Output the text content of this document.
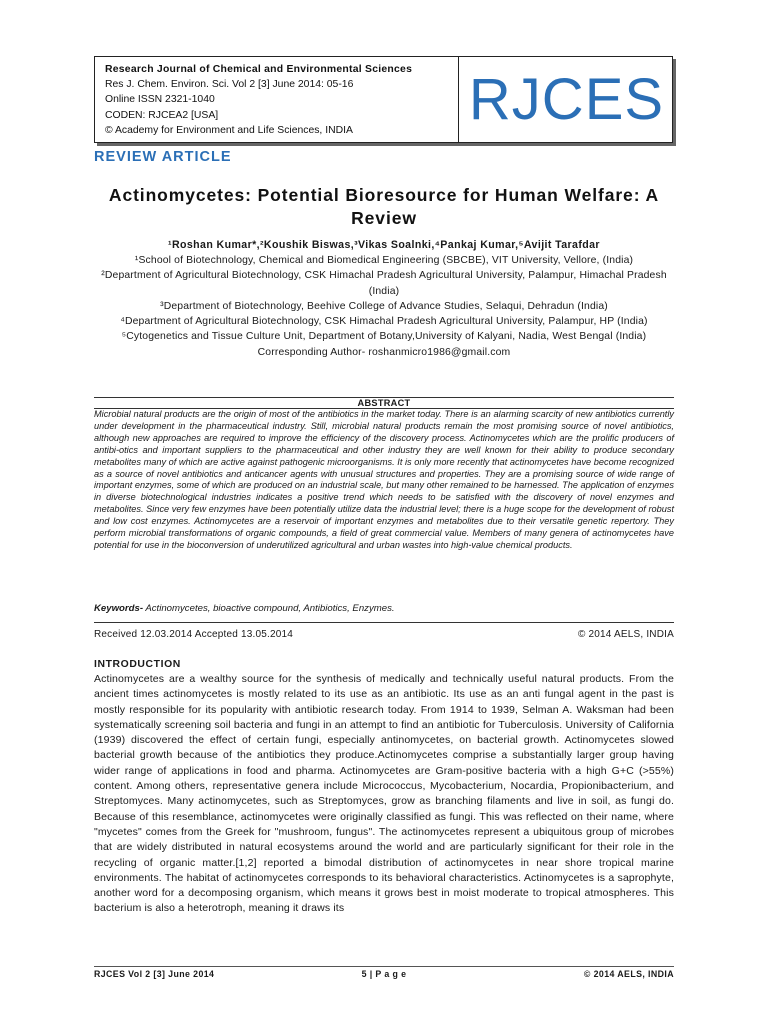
Research Journal of Chemical and Environmental Sciences
Res J. Chem. Environ. Sci. Vol 2 [3] June 2014: 05-16
Online ISSN 2321-1040
CODEN: RJCEA2 [USA]
© Academy for Environment and Life Sciences, INDIA	RJCES
REVIEW ARTICLE
Actinomycetes: Potential Bioresource for Human Welfare: A Review
¹Roshan Kumar*,²Koushik Biswas,³Vikas Soalnki,⁴Pankaj Kumar,⁵Avijit Tarafdar

¹School of Biotechnology, Chemical and Biomedical Engineering (SBCBE), VIT University, Vellore, (India)

²Department of Agricultural Biotechnology, CSK Himachal Pradesh Agricultural University, Palampur, Himachal Pradesh (India)

³Department of Biotechnology, Beehive College of Advance Studies, Selaqui, Dehradun (India)

⁴Department of Agricultural Biotechnology, CSK Himachal Pradesh Agricultural University, Palampur, HP (India)

⁵Cytogenetics and Tissue Culture Unit, Department of Botany,University of Kalyani, Nadia, West Bengal (India)

Corresponding Author- roshanmicro1986@gmail.com

ABSTRACT

Microbial natural products are the origin of most of the antibiotics in the market today. There is an alarming scarcity of new antibiotics currently under development in the pharmaceutical industry. Still, microbial natural products remain the most promising source of novel antibiotics, although new approaches are required to improve the efficiency of the discovery process. Actinomycetes which are the prolific producers of antibi-otics and important suppliers to the pharmaceutical and other industry they are well known for their ability to produce secondary metabolites many of which are active against pathogenic microorganisms. It is only more recently that actinomycetes have become recognized as a source of novel antibiotics and anticancer agents with unusual structures and properties. They are a promising source of wide range of important enzymes, some of which are produced on an industrial scale, but many other remained to be harnessed. The application of enzymes in diverse biotechnological industries indicates a positive trend which needs to be satisfied with the discovery of novel enzymes and metabolites. Since very few enzymes have been potentially utilize data the industrial level; there is a huge scope for the development of robust and low cost enzymes. Actinomycetes are a reservoir of important enzymes and metabolites due to their versatile genetic repertory. They perform microbial transformations of organic compounds, a field of great commercial value. Members of many genera of actinomycetes have potential for use in the bioconversion of underutilized agricultural and urban wastes into high-value chemical products.

Keywords- Actinomycetes, bioactive compound, Antibiotics, Enzymes.
Received 12.03.2014 Accepted 13.05.2014	© 2014 AELS, INDIA
INTRODUCTION

Actinomycetes are a wealthy source for the synthesis of medically and technically useful natural products. From the ancient times actinomycetes is mostly related to its use as an antibiotic. Its use as an anti fungal agent in the past is mostly responsible for its popularity with antibiotic research today. From 1914 to 1939, Selman A. Waksman had been systematically screening soil bacteria and fungi in an attempt to find an antibiotic for Tuberculosis. University of California (1939) discovered the effect of certain fungi, especially antinomycetes, on bacterial growth. Actinomycetes slowed bacterial growth because of the antibiotics they produce.Actinomycetes comprise a substantially larger group having wider range of applications in food and pharma. Actinomycetes are Gram-positive bacteria with a high G+C (>55%) content. Among others, representative genera include Micrococcus, Mycobacterium, Nocardia, Propionibacterium, and Streptomyces. Many actinomycetes, such as Streptomyces, grow as branching filaments and live in soil, as fungi do. Because of this resemblance, actinomycetes were originally classified as fungi. This was reflected on their name, where "mycetes" comes from the Greek for "mushroom, fungus". The actinomycetes represent a ubiquitous group of microbes that are widely distributed in natural ecosystems around the world and are particularly significant for their role in the recycling of organic matter.[1,2] reported a bimodal distribution of actinomycetes in near shore tropical marine environments. The habitat of actinomycetes corresponds to its behavioral characteristics. Actinomycetes is a saprophyte, another word for a decomposing organism, which means it grows best in moist moderate to tropical atmospheres. This bacterium is also a heterotroph, meaning it draws its

RJCES Vol 2 [3] June 2014	5 | P a g e	© 2014 AELS, INDIA
